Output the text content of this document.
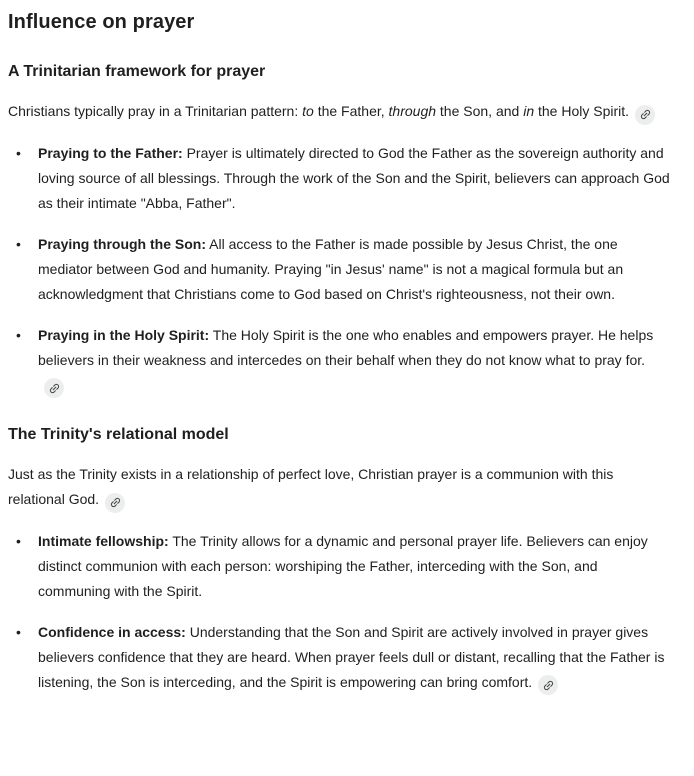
Influence on prayer
A Trinitarian framework for prayer

Christians typically pray in a Trinitarian pattern: to the Father, through the Son, and in the Holy Spirit.

•	Praying to the Father: Prayer is ultimately directed to God the Father as the sovereign authority and loving source of all blessings. Through the work of the Son and the Spirit, believers can approach God as their intimate "Abba, Father".
•	Praying through the Son: All access to the Father is made possible by Jesus Christ, the one mediator between God and humanity. Praying "in Jesus' name" is not a magical formula but an acknowledgment that Christians come to God based on Christ's righteousness, not their own.
•	Praying in the Holy Spirit: The Holy Spirit is the one who enables and empowers prayer. He helps believers in their weakness and intercedes on their behalf when they do not know what to pray for.
The Trinity's relational model

Just as the Trinity exists in a relationship of perfect love, Christian prayer is a communion with this relational God.

•	Intimate fellowship: The Trinity allows for a dynamic and personal prayer life. Believers can enjoy distinct communion with each person: worshiping the Father, interceding with the Son, and communing with the Spirit.
•	Confidence in access: Understanding that the Son and Spirit are actively involved in prayer gives believers confidence that they are heard. When prayer feels dull or distant, recalling that the Father is listening, the Son is interceding, and the Spirit is empowering can bring comfort.
